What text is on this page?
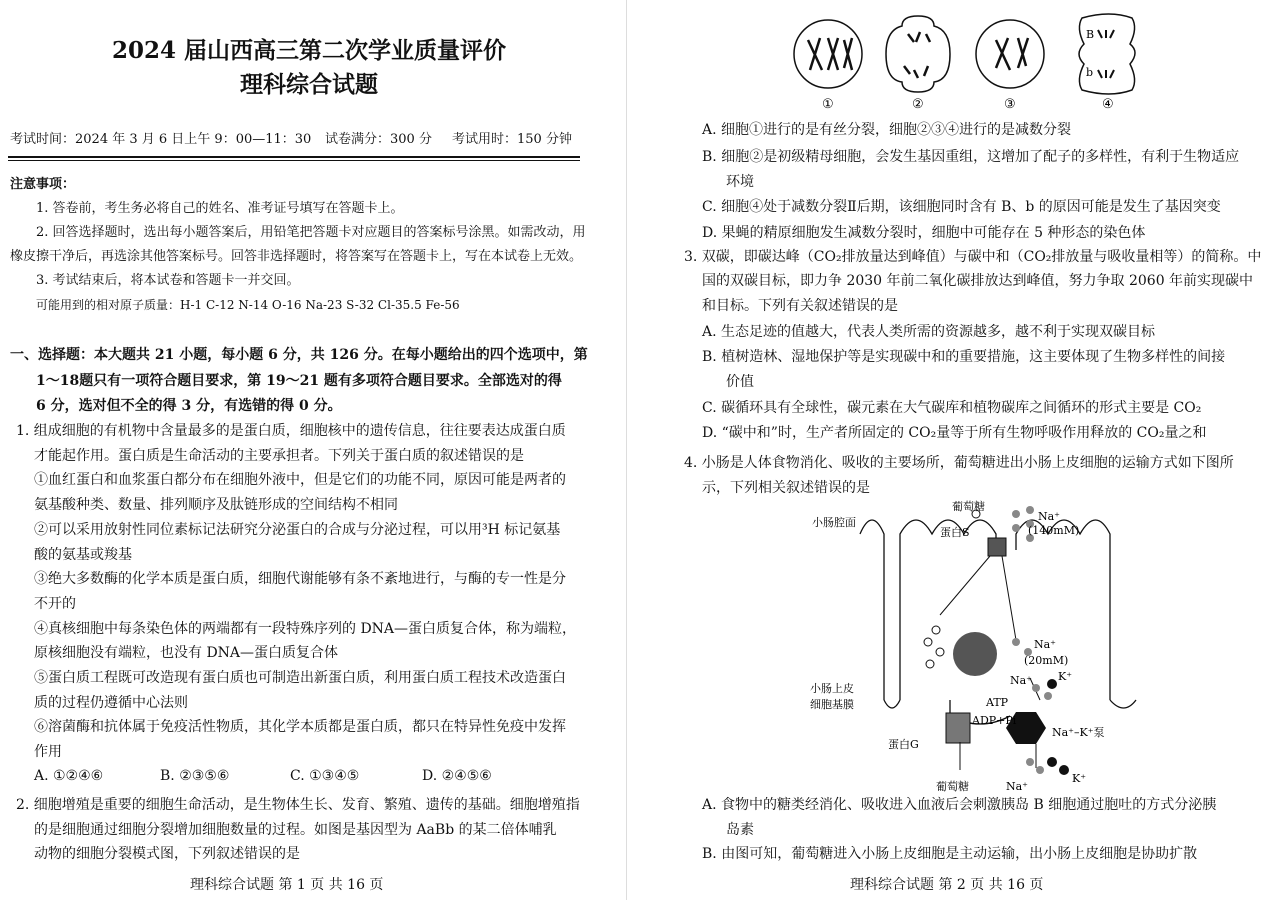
2024 届山西高三第二次学业质量评价
理科综合试题
考试时间：2024 年 3 月 6 日上午 9：00—11：30 试卷满分：300 分 考试用时：150 分钟
注意事项：
1. 答卷前，考生务必将自己的姓名、准考证号填写在答题卡上。
2. 回答选择题时，选出每小题答案后，用铅笔把答题卡对应题目的答案标号涂黑。如需改动，用
橡皮擦干净后，再选涂其他答案标号。回答非选择题时，将答案写在答题卡上，写在本试卷上无效。
3. 考试结束后，将本试卷和答题卡一并交回。
可能用到的相对原子质量：H-1 C-12 N-14 O-16 Na-23 S-32 Cl-35.5 Fe-56
一、选择题：本大题共 21 小题，每小题 6 分，共 126 分。在每小题给出的四个选项中，第
1～18题只有一项符合题目要求，第 19～21 题有多项符合题目要求。全部选对的得
6 分，选对但不全的得 3 分，有选错的得 0 分。
1. 组成细胞的有机物中含量最多的是蛋白质，细胞核中的遗传信息，往往要表达成蛋白质
才能起作用。蛋白质是生命活动的主要承担者。下列关于蛋白质的叙述错误的是
①血红蛋白和血浆蛋白都分布在细胞外液中，但是它们的功能不同，原因可能是两者的
氨基酸种类、数量、排列顺序及肽链形成的空间结构不相同
②可以采用放射性同位素标记法研究分泌蛋白的合成与分泌过程，可以用³H 标记氨基
酸的氨基或羧基
③绝大多数酶的化学本质是蛋白质，细胞代谢能够有条不紊地进行，与酶的专一性是分
不开的
④真核细胞中每条染色体的两端都有一段特殊序列的 DNA—蛋白质复合体，称为端粒，
原核细胞没有端粒，也没有 DNA—蛋白质复合体
⑤蛋白质工程既可改造现有蛋白质也可制造出新蛋白质，利用蛋白质工程技术改造蛋白
质的过程仍遵循中心法则
⑥溶菌酶和抗体属于免疫活性物质，其化学本质都是蛋白质，都只在特异性免疫中发挥
作用
A. ①②④⑥	B. ②③⑤⑥	C. ①③④⑤	D. ②④⑤⑥
2. 细胞增殖是重要的细胞生命活动，是生物体生长、发育、繁殖、遗传的基础。细胞增殖指
的是细胞通过细胞分裂增加细胞数量的过程。如图是基因型为 AaBb 的某二倍体哺乳
动物的细胞分裂模式图，下列叙述错误的是
理科综合试题 第 1 页 共 16 页
①	②	③
B
b
④
A. 细胞①进行的是有丝分裂，细胞②③④进行的是减数分裂
B. 细胞②是初级精母细胞，会发生基因重组，这增加了配子的多样性，有利于生物适应
环境
C. 细胞④处于减数分裂Ⅱ后期，该细胞同时含有 B、b 的原因可能是发生了基因突变
D. 果蝇的精原细胞发生减数分裂时，细胞中可能存在 5 种形态的染色体
3. 双碳，即碳达峰（CO₂排放量达到峰值）与碳中和（CO₂排放量与吸收量相等）的简称。中
国的双碳目标，即力争 2030 年前二氧化碳排放达到峰值，努力争取 2060 年前实现碳中
和目标。下列有关叙述错误的是
A. 生态足迹的值越大，代表人类所需的资源越多，越不利于实现双碳目标
B. 植树造林、湿地保护等是实现碳中和的重要措施，这主要体现了生物多样性的间接
价值
C. 碳循环具有全球性，碳元素在大气碳库和植物碳库之间循环的形式主要是 CO₂
D. “碳中和”时，生产者所固定的 CO₂量等于所有生物呼吸作用释放的 CO₂量之和
4. 小肠是人体食物消化、吸收的主要场所，葡萄糖进出小肠上皮细胞的运输方式如下图所
示，下列相关叙述错误的是
小肠腔面
葡萄糖
蛋白S
Na⁺
(140mM)
Na⁺
(20mM)
小肠上皮
细胞基膜	ATP
ADP+Pi
Na⁺ K⁺
Na⁺–K⁺泵
蛋白G
葡萄糖	Na⁺
K⁺
A. 食物中的糖类经消化、吸收进入血液后会刺激胰岛 B 细胞通过胞吐的方式分泌胰
岛素
B. 由图可知，葡萄糖进入小肠上皮细胞是主动运输，出小肠上皮细胞是协助扩散
理科综合试题 第 2 页 共 16 页
